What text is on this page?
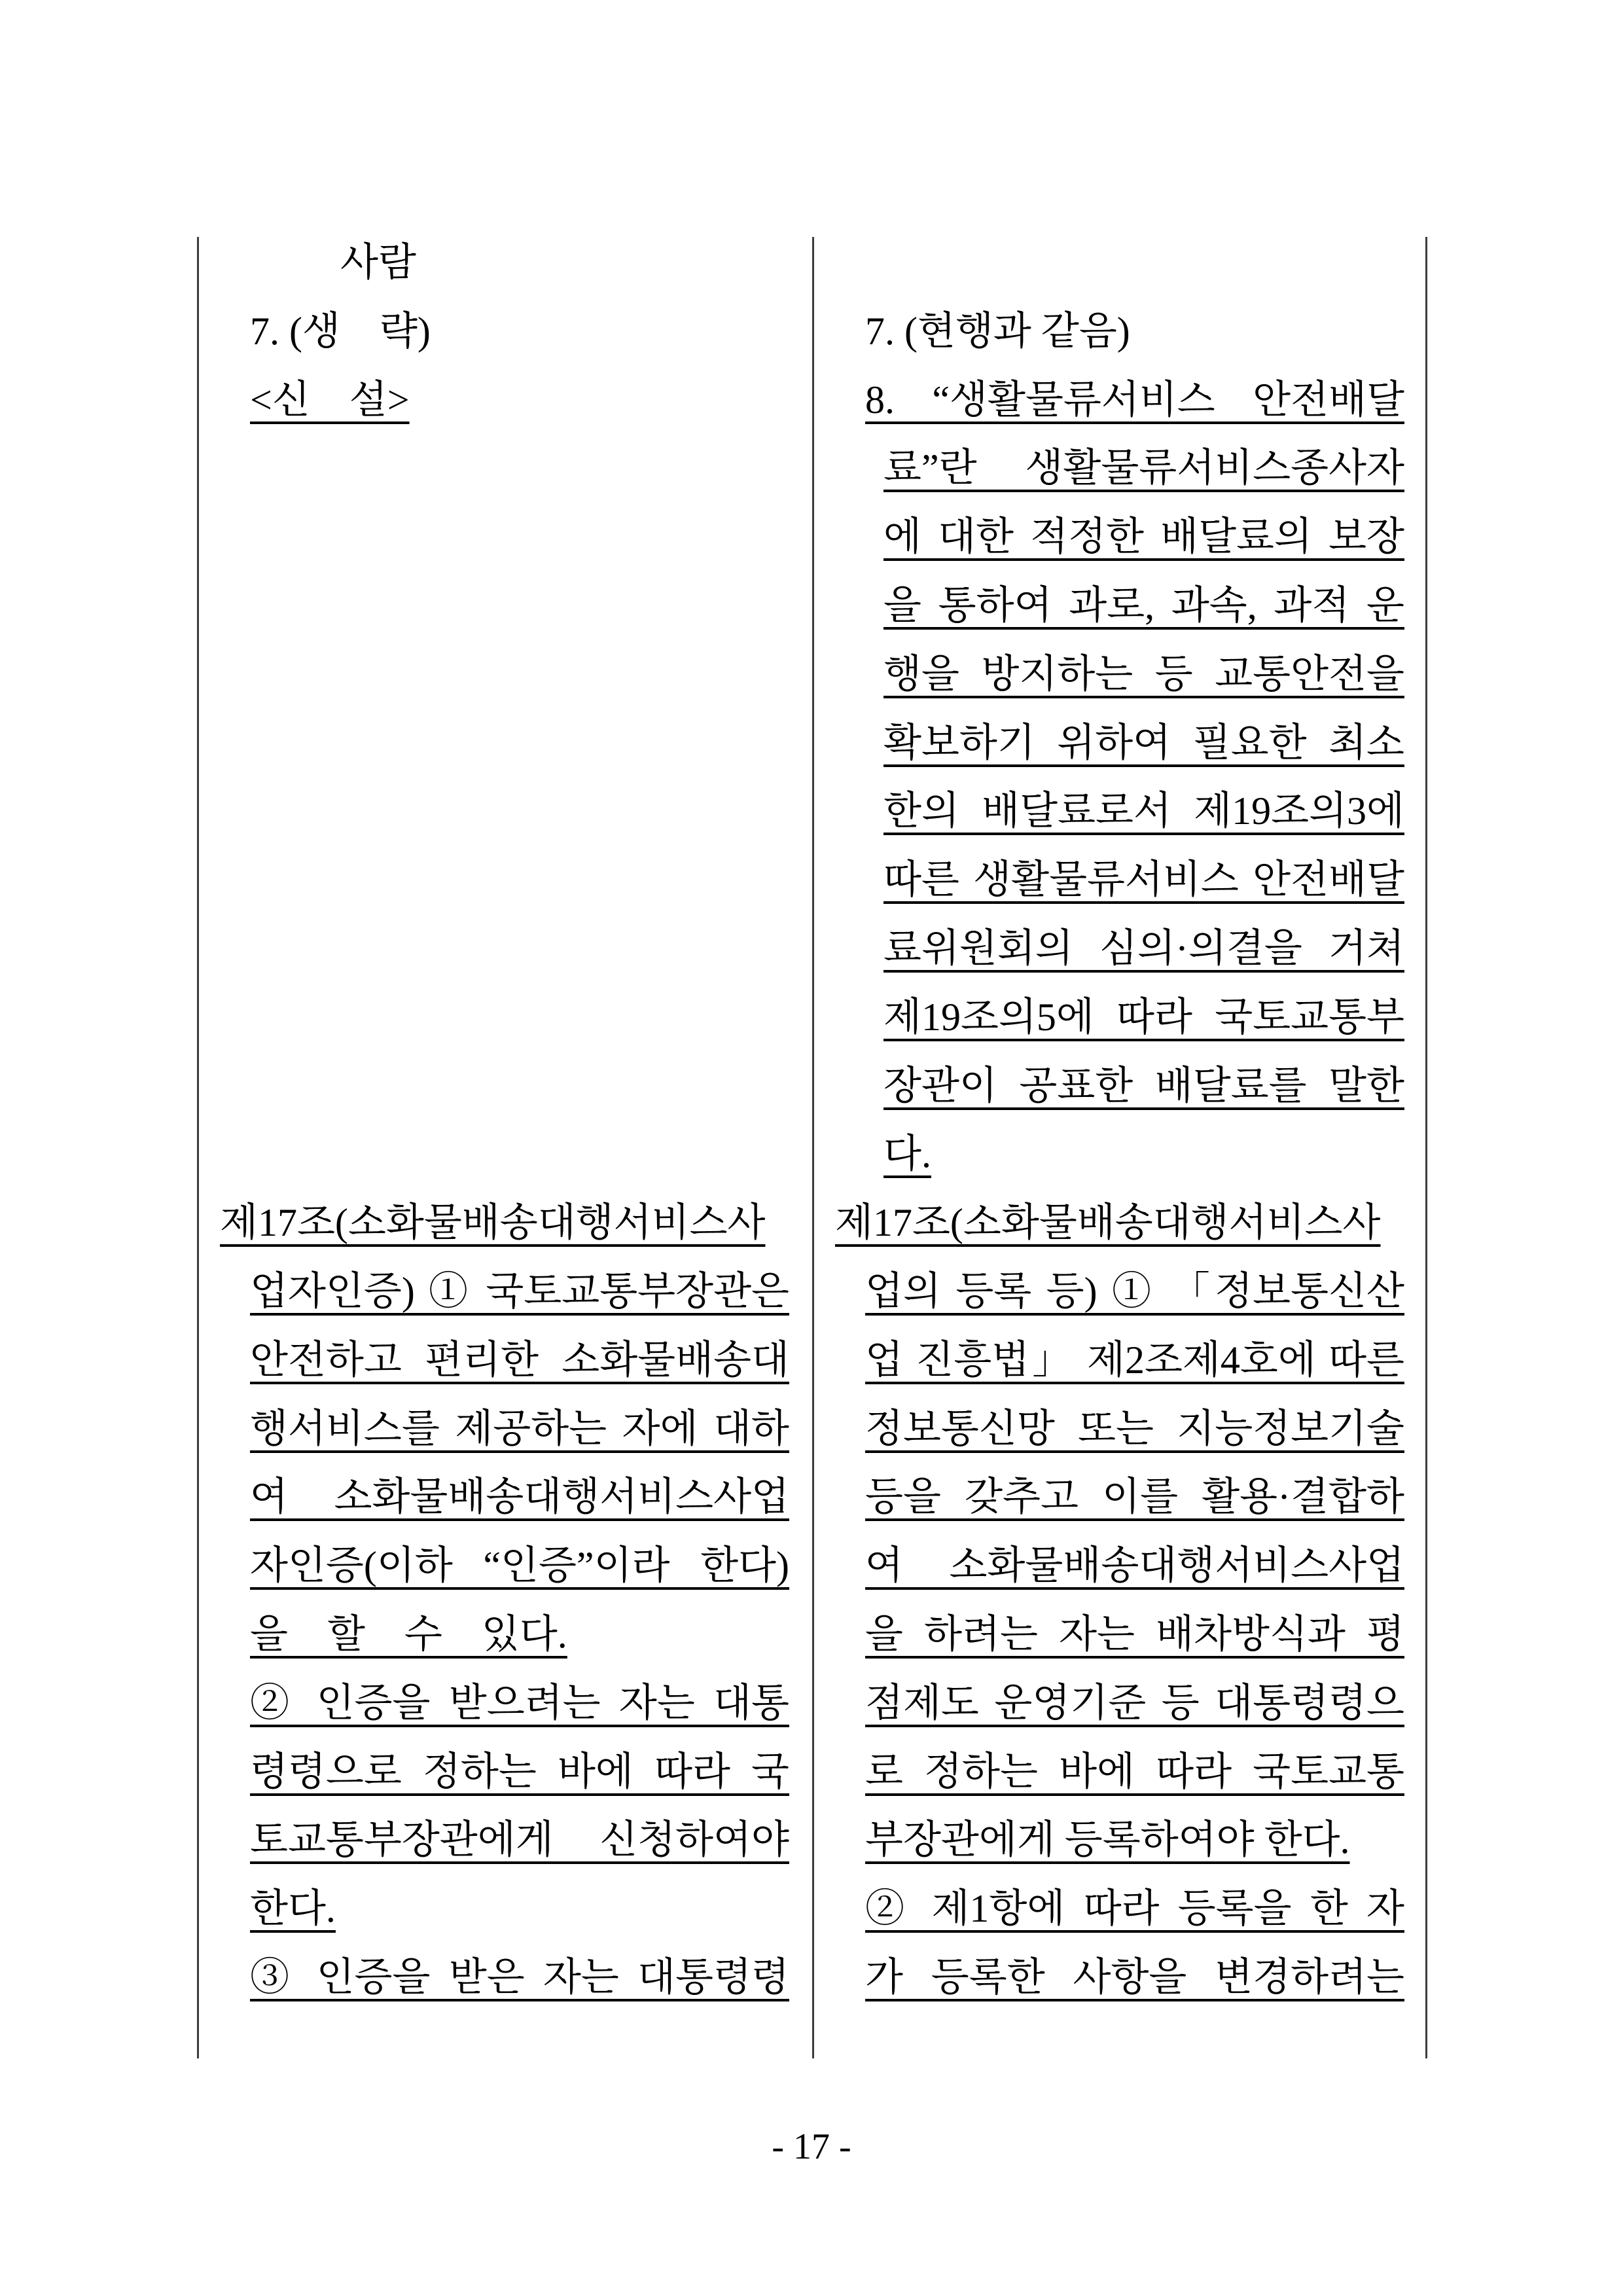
사람
7. (생　략)
<신　설>
제17조(소화물배송대행서비스사
업자인증) ① 국토교통부장관은
안전하고 편리한 소화물배송대
행서비스를 제공하는 자에 대하
여 소화물배송대행서비스사업
자인증(이하 “인증”이라 한다)
을　할　수　있다.
② 인증을 받으려는 자는 대통
령령으로 정하는 바에 따라 국
토교통부장관에게 신청하여야
한다.
③ 인증을 받은 자는 대통령령
7. (현행과 같음)
8. “생활물류서비스 안전배달
료”란 생활물류서비스종사자
에 대한 적정한 배달료의 보장
을 통하여 과로, 과속, 과적 운
행을 방지하는 등 교통안전을
확보하기 위하여 필요한 최소
한의 배달료로서 제19조의3에
따른 생활물류서비스 안전배달
료위원회의 심의·의결을 거쳐
제19조의5에 따라 국토교통부
장관이 공표한 배달료를 말한
다.
제17조(소화물배송대행서비스사
업의 등록 등) ① 「정보통신산
업 진흥법」 제2조제4호에 따른
정보통신망 또는 지능정보기술
등을 갖추고 이를 활용·결합하
여 소화물배송대행서비스사업
을 하려는 자는 배차방식과 평
점제도 운영기준 등 대통령령으
로 정하는 바에 따라 국토교통
부장관에게 등록하여야 한다.
② 제1항에 따라 등록을 한 자
가 등록한 사항을 변경하려는
- 17 -
